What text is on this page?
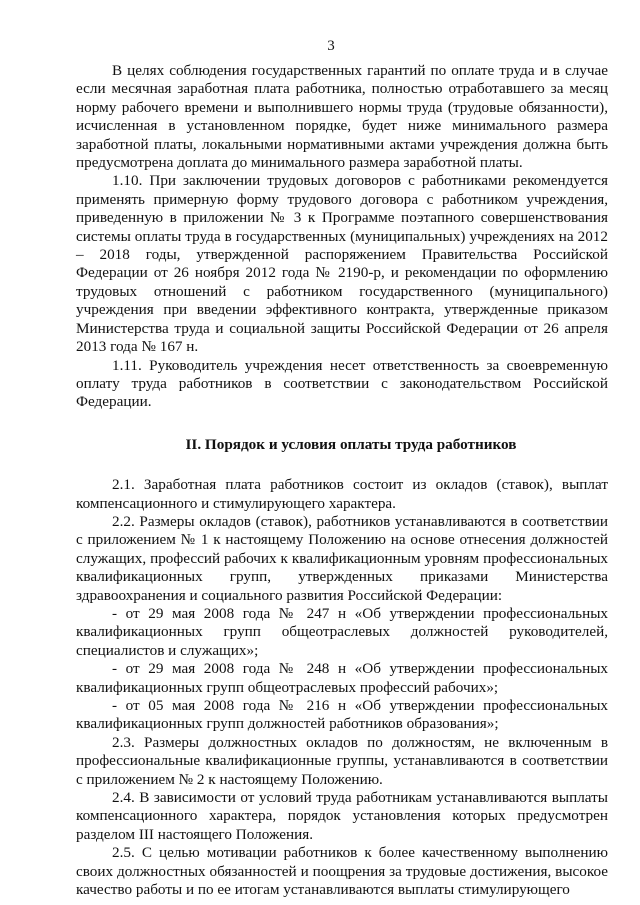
3

В целях соблюдения государственных гарантий по оплате труда и в случае если месячная заработная плата работника, полностью отработавшего за месяц норму рабочего времени и выполнившего нормы труда (трудовые обязанности), исчисленная в установленном порядке, будет ниже минимального размера заработной платы, локальными нормативными актами учреждения должна быть предусмотрена доплата до минимального размера заработной платы.

1.10. При заключении трудовых договоров с работниками рекомендуется применять примерную форму трудового договора с работником учреждения, приведенную в приложении № 3 к Программе поэтапного совершенствования системы оплаты труда в государственных (муниципальных) учреждениях на 2012 – 2018 годы, утвержденной распоряжением Правительства Российской Федерации от 26 ноября 2012 года № 2190-р, и рекомендации по оформлению трудовых отношений с работником государственного (муниципального) учреждения при введении эффективного контракта, утвержденные приказом Министерства труда и социальной защиты Российской Федерации от 26 апреля 2013 года № 167 н.

1.11. Руководитель учреждения несет ответственность за своевременную оплату труда работников в соответствии с законодательством Российской Федерации.

II. Порядок и условия оплаты труда работников

2.1. Заработная плата работников состоит из окладов (ставок), выплат компенсационного и стимулирующего характера.

2.2. Размеры окладов (ставок), работников устанавливаются в соответствии с приложением № 1 к настоящему Положению на основе отнесения должностей служащих, профессий рабочих к квалификационным уровням профессиональных квалификационных групп, утвержденных приказами Министерства здравоохранения и социального развития Российской Федерации:

- от 29 мая 2008 года № 247 н «Об утверждении профессиональных квалификационных групп общеотраслевых должностей руководителей, специалистов и служащих»;

- от 29 мая 2008 года № 248 н «Об утверждении профессиональных квалификационных групп общеотраслевых профессий рабочих»;

- от 05 мая 2008 года № 216 н «Об утверждении профессиональных квалификационных групп должностей работников образования»;

2.3. Размеры должностных окладов по должностям, не включенным в профессиональные квалификационные группы, устанавливаются в соответствии с приложением № 2 к настоящему Положению.

2.4. В зависимости от условий труда работникам устанавливаются выплаты компенсационного характера, порядок установления которых предусмотрен разделом III настоящего Положения.

2.5. С целью мотивации работников к более качественному выполнению своих должностных обязанностей и поощрения за трудовые достижения, высокое качество работы и по ее итогам устанавливаются выплаты стимулирующего
